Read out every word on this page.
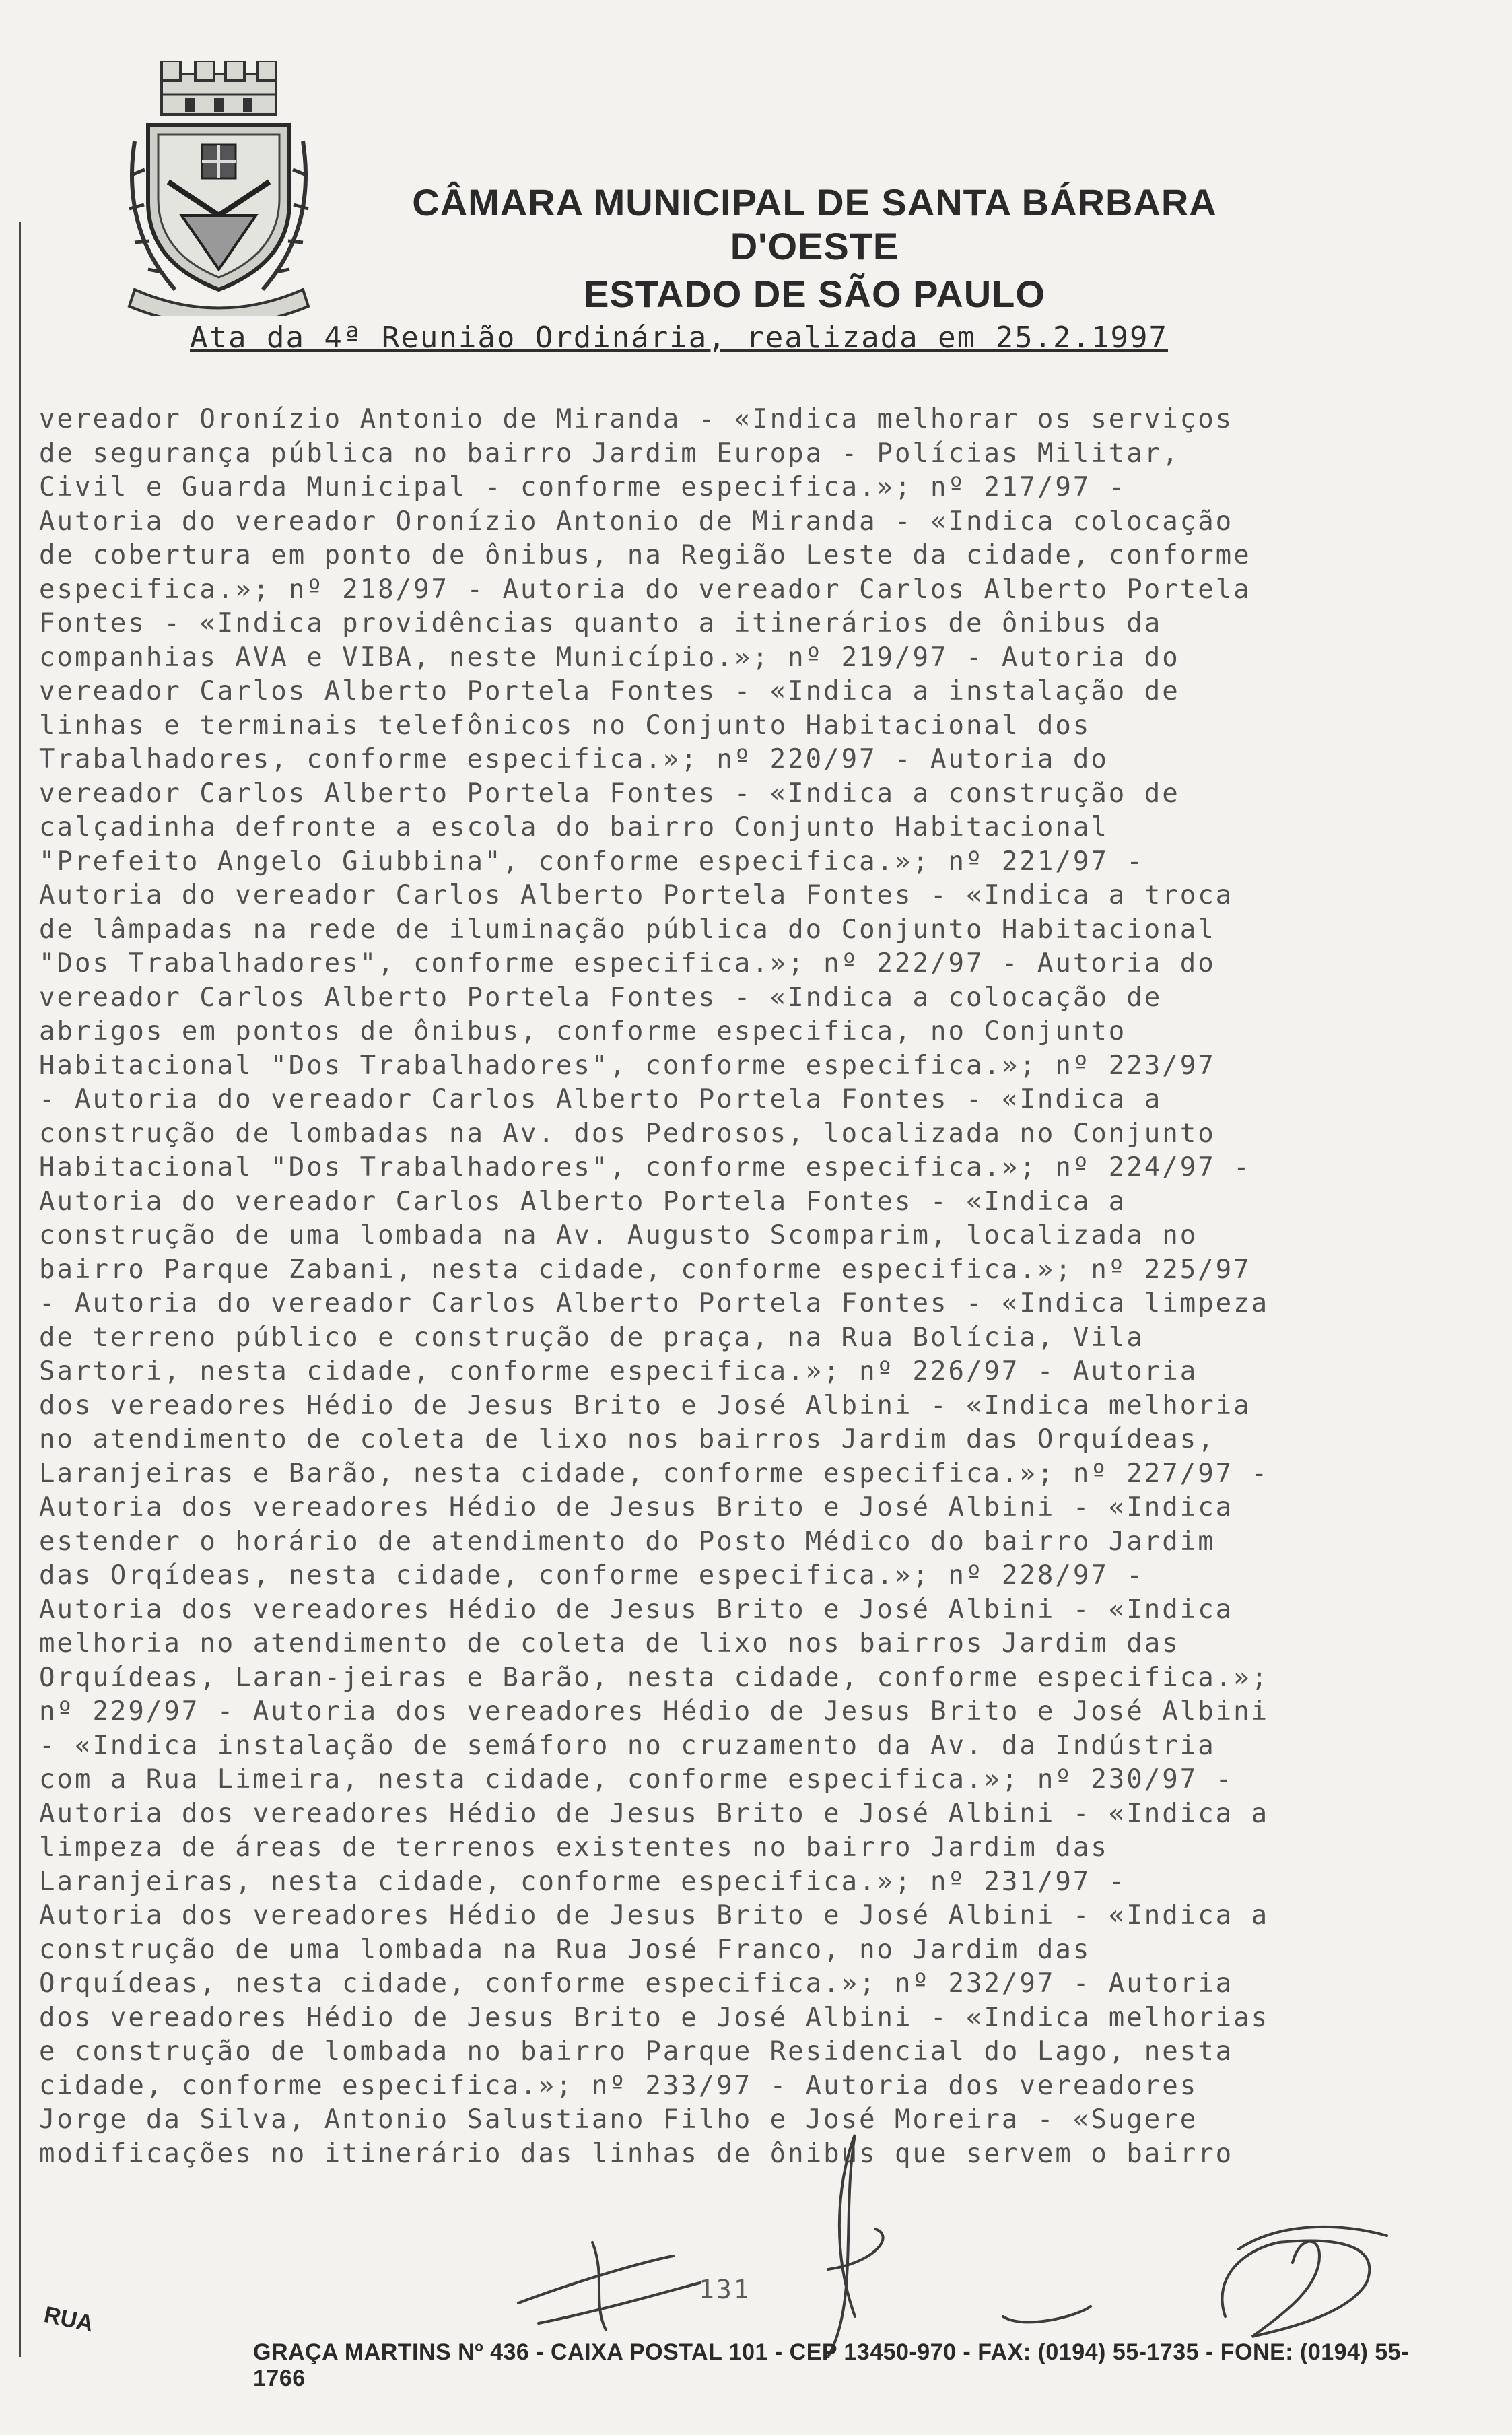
CÂMARA MUNICIPAL DE SANTA BÁRBARA D'OESTE
ESTADO DE SÃO PAULO
Ata da 4ª Reunião Ordinária, realizada em 25.2.1997
vereador Oronízio Antonio de Miranda - «Indica melhorar os serviços
de segurança pública no bairro Jardim Europa - Polícias Militar,
Civil e Guarda Municipal - conforme especifica.»; nº 217/97 -
Autoria do vereador Oronízio Antonio de Miranda - «Indica colocação
de cobertura em ponto de ônibus, na Região Leste da cidade, conforme
especifica.»; nº 218/97 - Autoria do vereador Carlos Alberto Portela
Fontes - «Indica providências quanto a itinerários de ônibus da
companhias AVA e VIBA, neste Município.»; nº 219/97 - Autoria do
vereador Carlos Alberto Portela Fontes - «Indica a instalação de
linhas e terminais telefônicos no Conjunto Habitacional dos
Trabalhadores, conforme especifica.»; nº 220/97 - Autoria do
vereador Carlos Alberto Portela Fontes - «Indica a construção de
calçadinha defronte a escola do bairro Conjunto Habitacional
"Prefeito Angelo Giubbina", conforme especifica.»; nº 221/97 -
Autoria do vereador Carlos Alberto Portela Fontes - «Indica a troca
de lâmpadas na rede de iluminação pública do Conjunto Habitacional
"Dos Trabalhadores", conforme especifica.»; nº 222/97 - Autoria do
vereador Carlos Alberto Portela Fontes - «Indica a colocação de
abrigos em pontos de ônibus, conforme especifica, no Conjunto
Habitacional "Dos Trabalhadores", conforme especifica.»; nº 223/97
- Autoria do vereador Carlos Alberto Portela Fontes - «Indica a
construção de lombadas na Av. dos Pedrosos, localizada no Conjunto
Habitacional "Dos Trabalhadores", conforme especifica.»; nº 224/97 -
Autoria do vereador Carlos Alberto Portela Fontes - «Indica a
construção de uma lombada na Av. Augusto Scomparim, localizada no
bairro Parque Zabani, nesta cidade, conforme especifica.»; nº 225/97
- Autoria do vereador Carlos Alberto Portela Fontes - «Indica limpeza
de terreno público e construção de praça, na Rua Bolícia, Vila
Sartori, nesta cidade, conforme especifica.»; nº 226/97 - Autoria
dos vereadores Hédio de Jesus Brito e José Albini - «Indica melhoria
no atendimento de coleta de lixo nos bairros Jardim das Orquídeas,
Laranjeiras e Barão, nesta cidade, conforme especifica.»; nº 227/97 -
Autoria dos vereadores Hédio de Jesus Brito e José Albini - «Indica
estender o horário de atendimento do Posto Médico do bairro Jardim
das Orqídeas, nesta cidade, conforme especifica.»; nº 228/97 -
Autoria dos vereadores Hédio de Jesus Brito e José Albini - «Indica
melhoria no atendimento de coleta de lixo nos bairros Jardim das
Orquídeas, Laran-jeiras e Barão, nesta cidade, conforme especifica.»;
nº 229/97 - Autoria dos vereadores Hédio de Jesus Brito e José Albini
- «Indica instalação de semáforo no cruzamento da Av. da Indústria
com a Rua Limeira, nesta cidade, conforme especifica.»; nº 230/97 -
Autoria dos vereadores Hédio de Jesus Brito e José Albini - «Indica a
limpeza de áreas de terrenos existentes no bairro Jardim das
Laranjeiras, nesta cidade, conforme especifica.»; nº 231/97 -
Autoria dos vereadores Hédio de Jesus Brito e José Albini - «Indica a
construção de uma lombada na Rua José Franco, no Jardim das
Orquídeas, nesta cidade, conforme especifica.»; nº 232/97 - Autoria
dos vereadores Hédio de Jesus Brito e José Albini - «Indica melhorias
e construção de lombada no bairro Parque Residencial do Lago, nesta
cidade, conforme especifica.»; nº 233/97 - Autoria dos vereadores
Jorge da Silva, Antonio Salustiano Filho e José Moreira - «Sugere
modificações no itinerário das linhas de ônibus que servem o bairro
131
RUA
GRAÇA MARTINS Nº 436 - CAIXA POSTAL 101 - CEP 13450-970 - FAX: (0194) 55-1735 - FONE: (0194) 55-1766
